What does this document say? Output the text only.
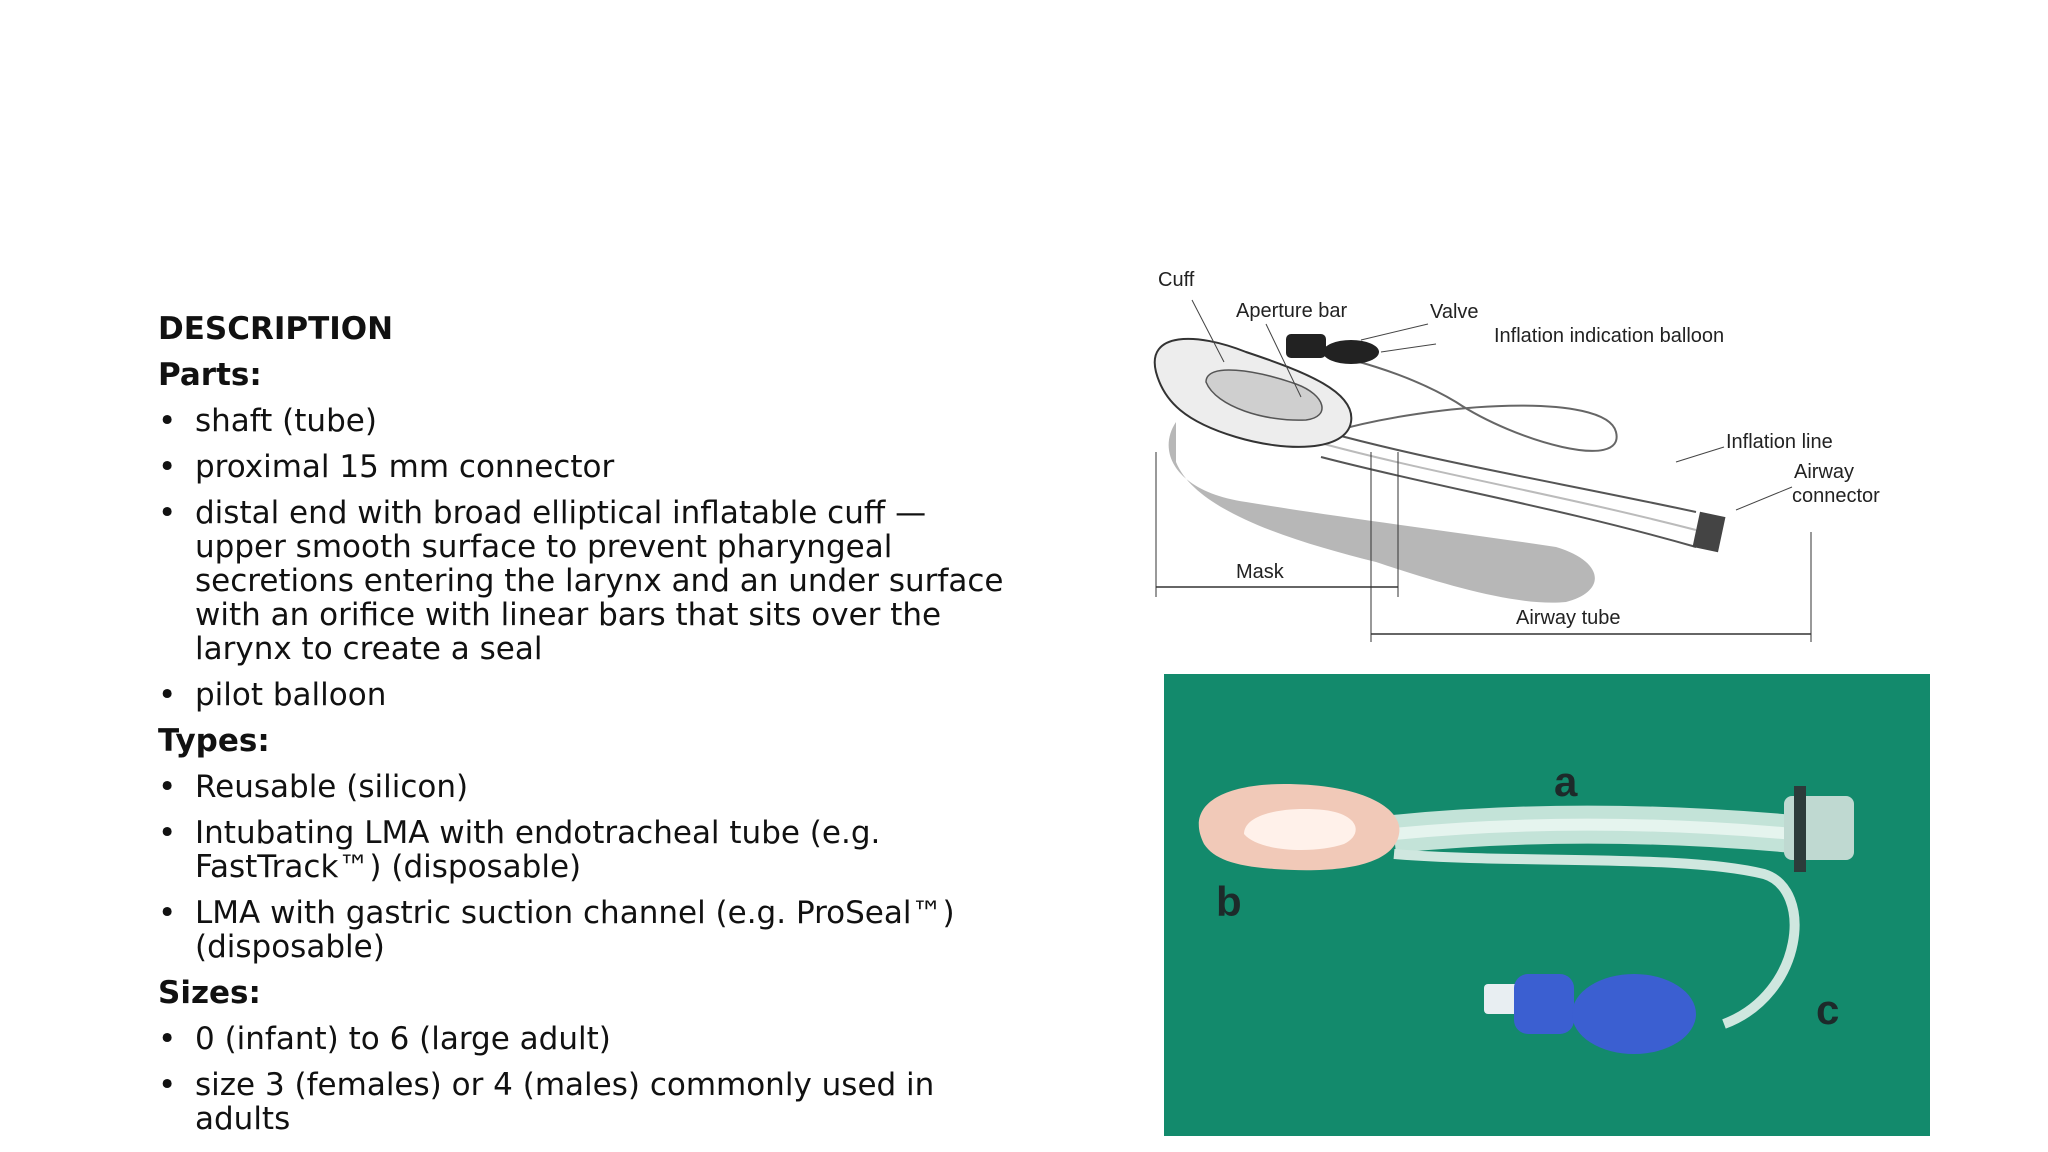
DESCRIPTION
Parts:
• shaft (tube)
• proximal 15 mm connector
• distal end with broad elliptical inflatable cuff — upper smooth surface to prevent pharyngeal secretions entering the larynx and an under surface with an orifice with linear bars that sits over the larynx to create a seal
• pilot balloon
Types:
• Reusable (silicon)
• Intubating LMA with endotracheal tube (e.g. FastTrack™) (disposable)
• LMA with gastric suction channel (e.g. ProSeal™) (disposable)
Sizes:
• 0 (infant) to 6 (large adult)
• size 3 (females) or 4 (males) commonly used in adults
Cuff
Aperture bar	Valve
Inflation indication balloon
Inflation line
Airway
connector
Mask
Airway tube
a
b
c
